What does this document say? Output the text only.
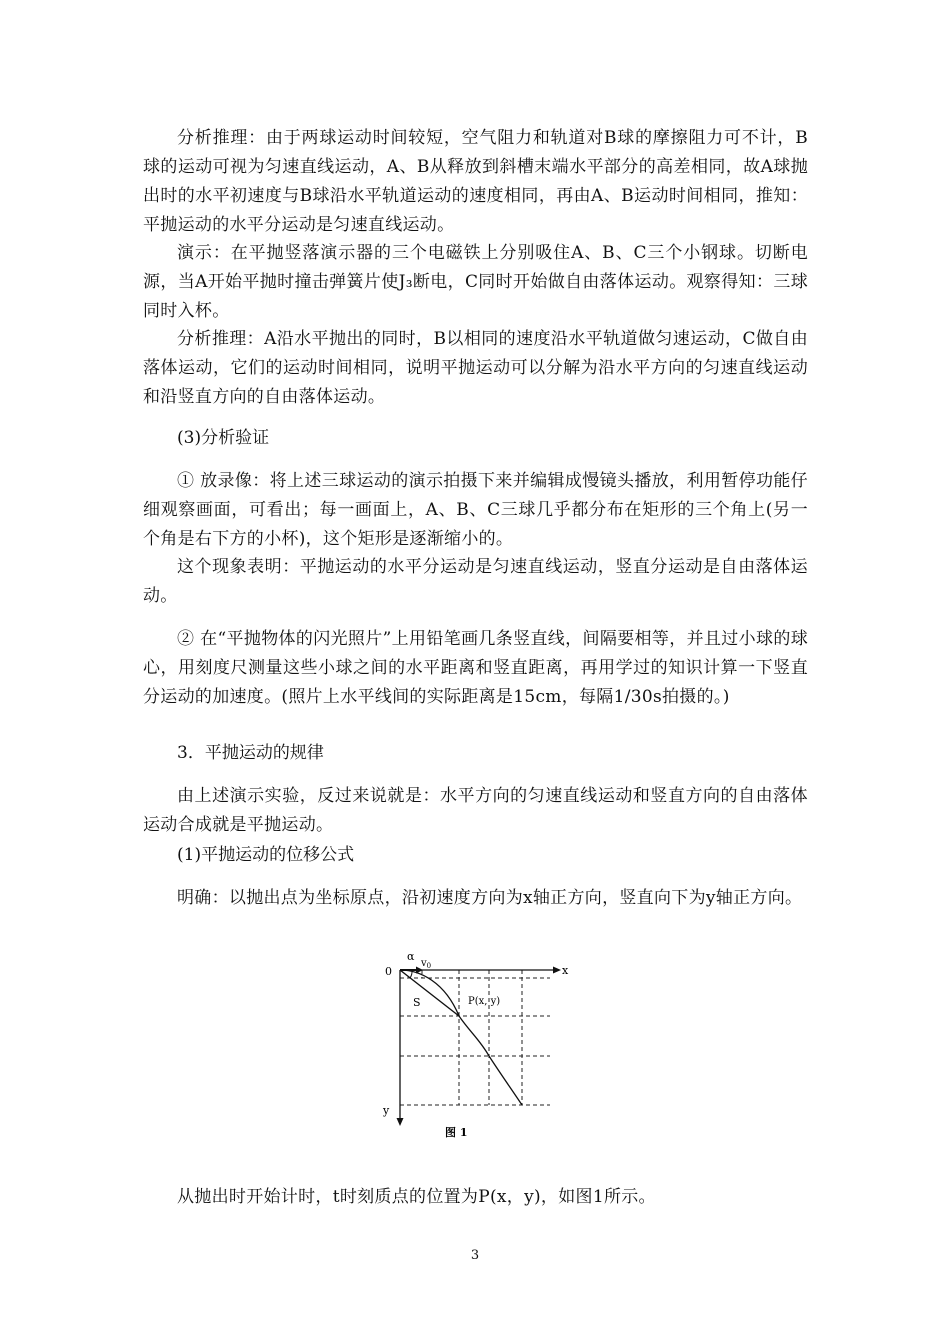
分析推理：由于两球运动时间较短，空气阻力和轨道对B球的摩擦阻力可不计，B球的运动可视为匀速直线运动，A、B从释放到斜槽末端水平部分的高差相同，故A球抛出时的水平初速度与B球沿水平轨道运动的速度相同，再由A、B运动时间相同，推知：平抛运动的水平分运动是匀速直线运动。

演示：在平抛竖落演示器的三个电磁铁上分别吸住A、B、C三个小钢球。切断电源，当A开始平抛时撞击弹簧片使J₃断电，C同时开始做自由落体运动。观察得知：三球同时入杯。

分析推理：A沿水平抛出的同时，B以相同的速度沿水平轨道做匀速运动，C做自由落体运动，它们的运动时间相同，说明平抛运动可以分解为沿水平方向的匀速直线运动和沿竖直方向的自由落体运动。

(3)分析验证

① 放录像：将上述三球运动的演示拍摄下来并编辑成慢镜头播放，利用暂停功能仔细观察画面，可看出；每一画面上，A、B、C三球几乎都分布在矩形的三个角上(另一个角是右下方的小杯)，这个矩形是逐渐缩小的。

这个现象表明：平抛运动的水平分运动是匀速直线运动，竖直分运动是自由落体运动。

② 在“平抛物体的闪光照片”上用铅笔画几条竖直线，间隔要相等，并且过小球的球心，用刻度尺测量这些小球之间的水平距离和竖直距离，再用学过的知识计算一下竖直分运动的加速度。(照片上水平线间的实际距离是15cm，每隔1/30s拍摄的。)

3．平抛运动的规律

由上述演示实验，反过来说就是：水平方向的匀速直线运动和竖直方向的自由落体运动合成就是平抛运动。

(1)平抛运动的位移公式

明确：以抛出点为坐标原点，沿初速度方向为x轴正方向，竖直向下为y轴正方向。

0	x
y
α
$v_0$
S	P(x, y)
图 1

从抛出时开始计时，t时刻质点的位置为P(x，y)，如图1所示。

3
